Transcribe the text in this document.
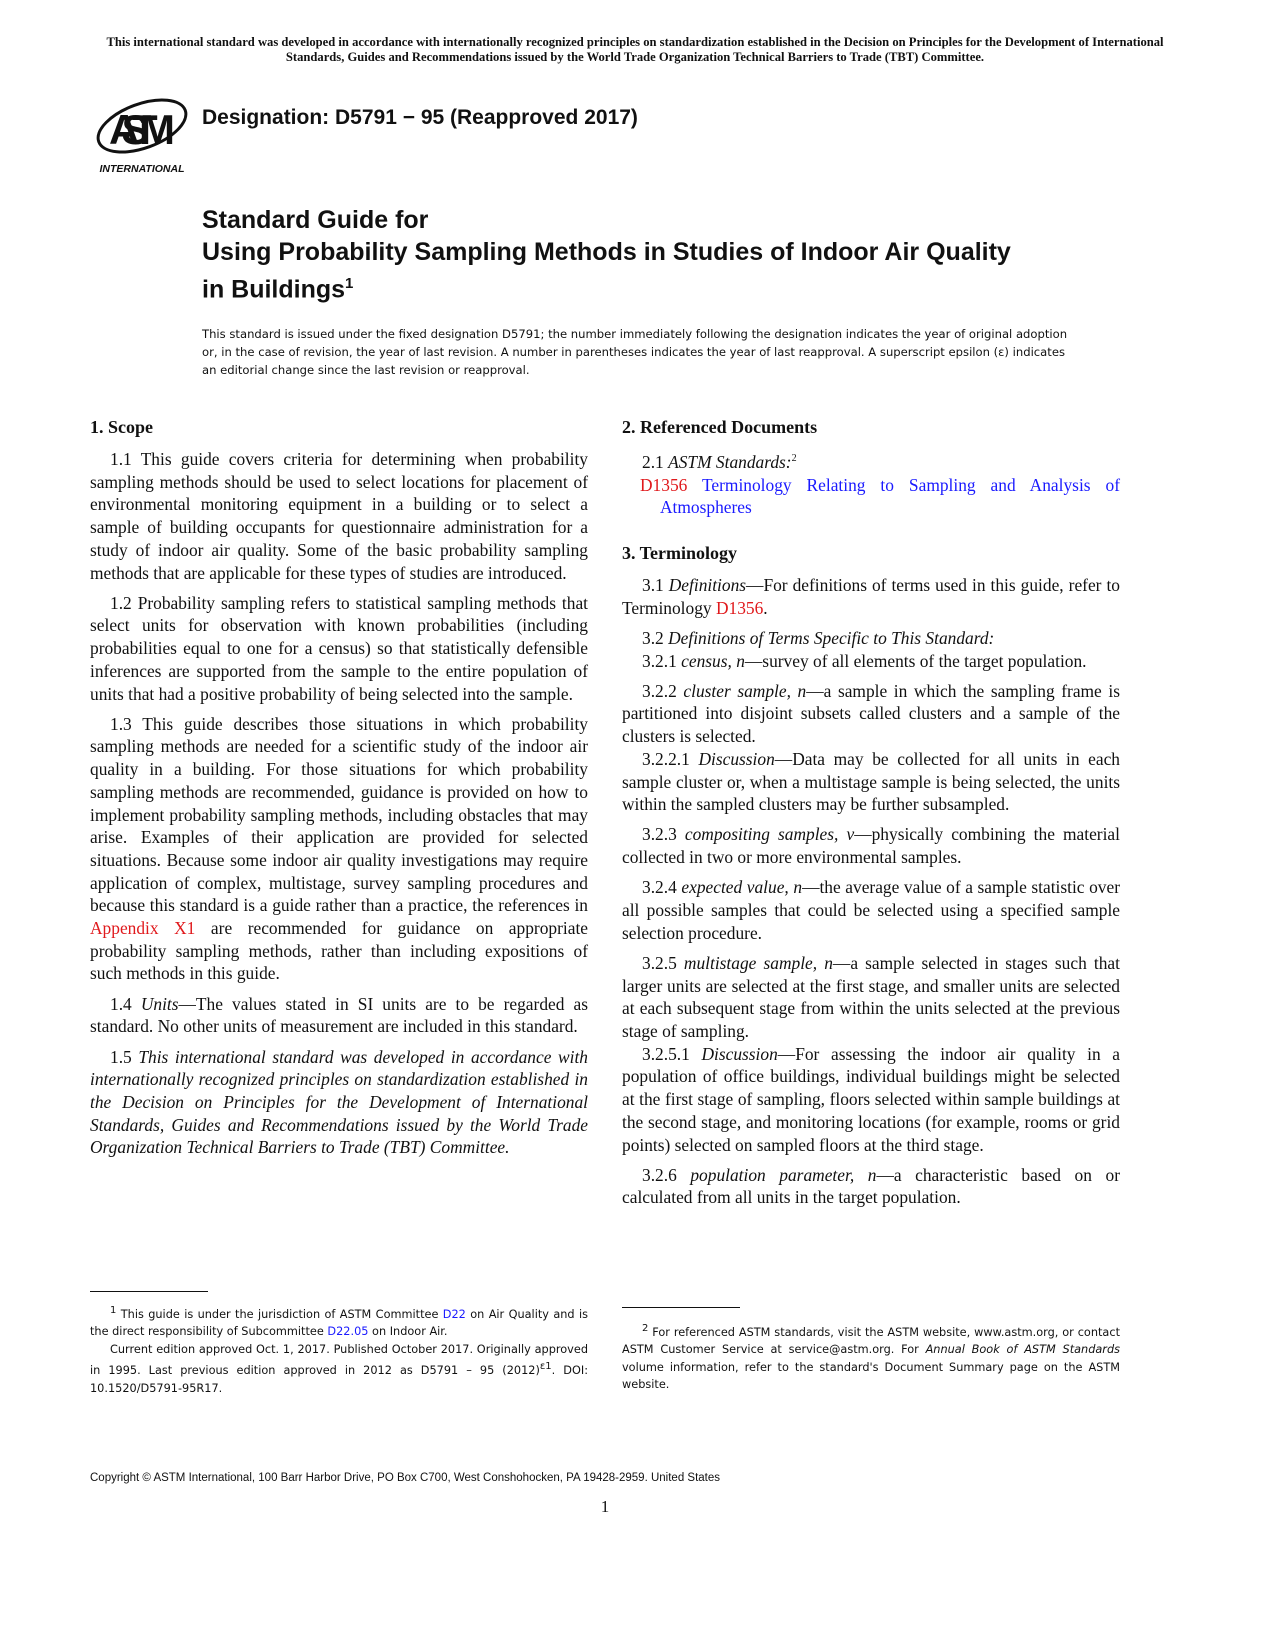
This international standard was developed in accordance with internationally recognized principles on standardization established in the Decision on Principles for the Development of International Standards, Guides and Recommendations issued by the World Trade Organization Technical Barriers to Trade (TBT) Committee.
ASTM
INTERNATIONAL
Designation: D5791 − 95 (Reapproved 2017)
Standard Guide for
Using Probability Sampling Methods in Studies of Indoor Air Quality in Buildings$^1$
This standard is issued under the fixed designation D5791; the number immediately following the designation indicates the year of original adoption or, in the case of revision, the year of last revision. A number in parentheses indicates the year of last reapproval. A superscript epsilon (ε) indicates an editorial change since the last revision or reapproval.
1. Scope

1.1 This guide covers criteria for determining when probability sampling methods should be used to select locations for placement of environmental monitoring equipment in a building or to select a sample of building occupants for questionnaire administration for a study of indoor air quality. Some of the basic probability sampling methods that are applicable for these types of studies are introduced.

1.2 Probability sampling refers to statistical sampling methods that select units for observation with known probabilities (including probabilities equal to one for a census) so that statistically defensible inferences are supported from the sample to the entire population of units that had a positive probability of being selected into the sample.

1.3 This guide describes those situations in which probability sampling methods are needed for a scientific study of the indoor air quality in a building. For those situations for which probability sampling methods are recommended, guidance is provided on how to implement probability sampling methods, including obstacles that may arise. Examples of their application are provided for selected situations. Because some indoor air quality investigations may require application of complex, multistage, survey sampling procedures and because this standard is a guide rather than a practice, the references in Appendix X1 are recommended for guidance on appropriate probability sampling methods, rather than including expositions of such methods in this guide.

1.4 Units—The values stated in SI units are to be regarded as standard. No other units of measurement are included in this standard.

1.5 This international standard was developed in accordance with internationally recognized principles on standardization established in the Decision on Principles for the Development of International Standards, Guides and Recommendations issued by the World Trade Organization Technical Barriers to Trade (TBT) Committee.

2. Referenced Documents

2.1 ASTM Standards:$^2$

D1356 Terminology Relating to Sampling and Analysis of Atmospheres

3. Terminology

3.1 Definitions—For definitions of terms used in this guide, refer to Terminology D1356.

3.2 Definitions of Terms Specific to This Standard:

3.2.1 census, n—survey of all elements of the target population.

3.2.2 cluster sample, n—a sample in which the sampling frame is partitioned into disjoint subsets called clusters and a sample of the clusters is selected.

3.2.2.1 Discussion—Data may be collected for all units in each sample cluster or, when a multistage sample is being selected, the units within the sampled clusters may be further subsampled.

3.2.3 compositing samples, v—physically combining the material collected in two or more environmental samples.

3.2.4 expected value, n—the average value of a sample statistic over all possible samples that could be selected using a specified sample selection procedure.

3.2.5 multistage sample, n—a sample selected in stages such that larger units are selected at the first stage, and smaller units are selected at each subsequent stage from within the units selected at the previous stage of sampling.

3.2.5.1 Discussion—For assessing the indoor air quality in a population of office buildings, individual buildings might be selected at the first stage of sampling, floors selected within sample buildings at the second stage, and monitoring locations (for example, rooms or grid points) selected on sampled floors at the third stage.

3.2.6 population parameter, n—a characteristic based on or calculated from all units in the target population.

$^1$ This guide is under the jurisdiction of ASTM Committee D22 on Air Quality and is the direct responsibility of Subcommittee D22.05 on Indoor Air.

Current edition approved Oct. 1, 2017. Published October 2017. Originally approved in 1995. Last previous edition approved in 2012 as D5791 – 95 $(2012)^{\varepsilon 1}$. DOI: 10.1520/D5791-95R17.

$^2$ For referenced ASTM standards, visit the ASTM website, www.astm.org, or contact ASTM Customer Service at service@astm.org. For Annual Book of ASTM Standards volume information, refer to the standard's Document Summary page on the ASTM website.

Copyright © ASTM International, 100 Barr Harbor Drive, PO Box C700, West Conshohocken, PA 19428-2959. United States
1
